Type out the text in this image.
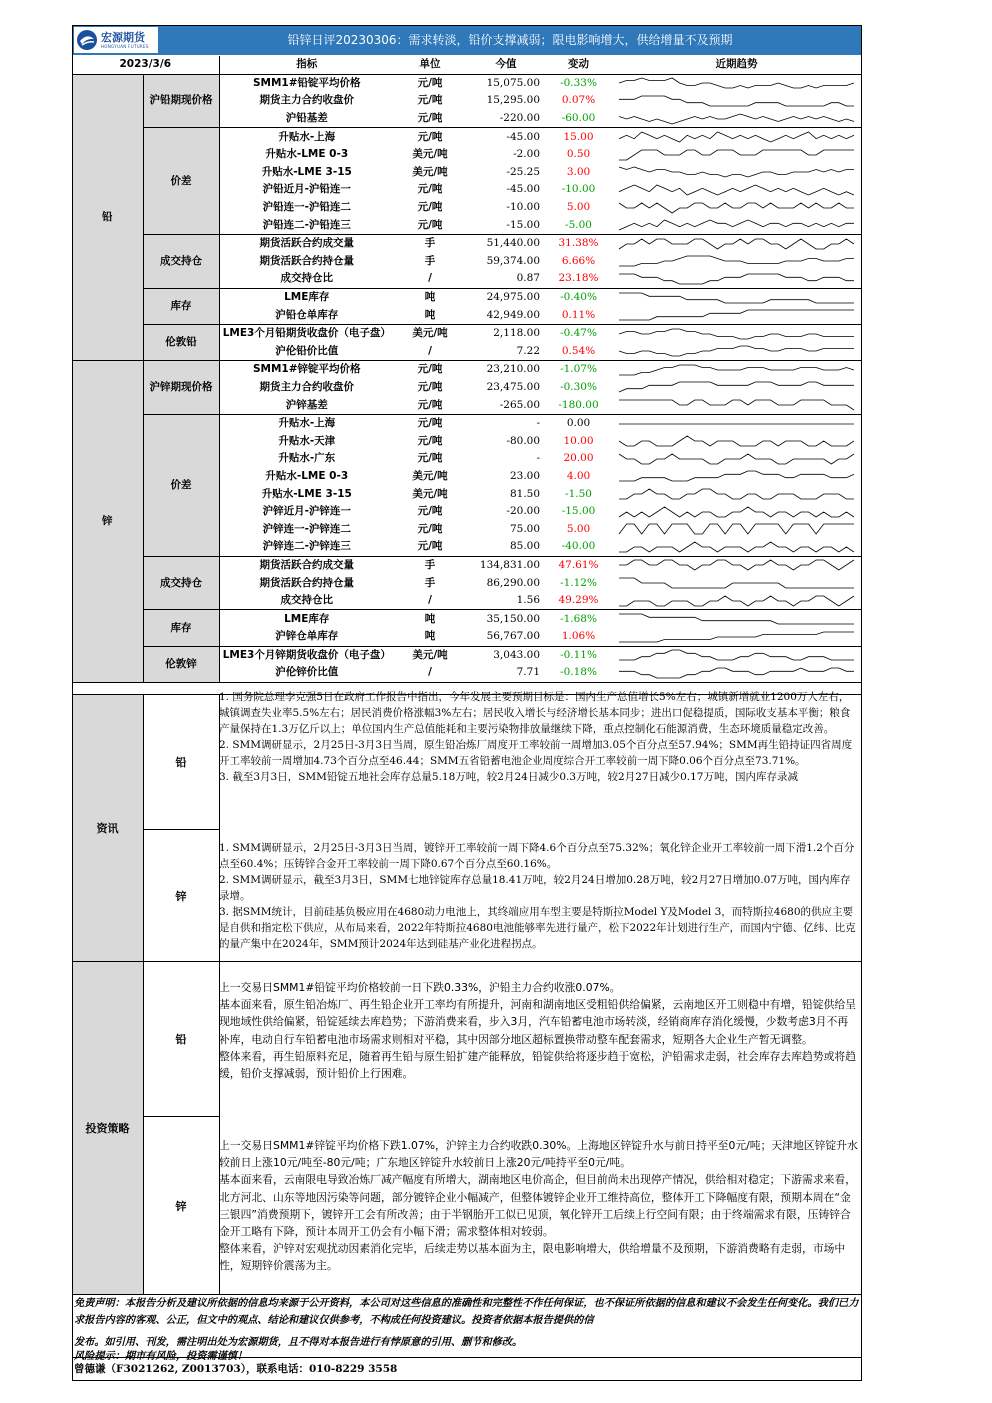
宏源期货
HONGYUAN FUTURES	铅锌日评20230306：需求转淡，铅价支撑减弱；限电影响增大，供给增量不及预期
2023/3/6		指标	单位	今值	变动	近期趋势
铅	沪铅期现价格	SMM1#铅锭平均价格	元/吨	15,075.00	-0.33%	

		期货主力合约收盘价	元/吨	15,295.00	0.07%	

		沪铅基差	元/吨	-220.00	-60.00	

	价差	升贴水-上海	元/吨	-45.00	15.00	

		升贴水-LME 0-3	美元/吨	-2.00	0.50	

		升贴水-LME 3-15	美元/吨	-25.25	3.00	

		沪铅近月-沪铅连一	元/吨	-45.00	-10.00	

		沪铅连一-沪铅连二	元/吨	-10.00	5.00	

		沪铅连二-沪铅连三	元/吨	-15.00	-5.00	

	成交持仓	期货活跃合约成交量	手	51,440.00	31.38%	

		期货活跃合约持仓量	手	59,374.00	6.66%	

		成交持仓比	/	0.87	23.18%	

	库存	LME库存	吨	24,975.00	-0.40%	

		沪铅仓单库存	吨	42,949.00	0.11%	

	伦敦铅	LME3个月铅期货收盘价（电子盘）	美元/吨	2,118.00	-0.47%	

		沪伦铅价比值	/	7.22	0.54%	

锌	沪锌期现价格	SMM1#锌锭平均价格	元/吨	23,210.00	-1.07%	

		期货主力合约收盘价	元/吨	23,475.00	-0.30%	

		沪锌基差	元/吨	-265.00	-180.00	

	价差	升贴水-上海	元/吨	-	0.00	

		升贴水-天津	元/吨	-80.00	10.00	

		升贴水-广东	元/吨	-	20.00	

		升贴水-LME 0-3	美元/吨	23.00	4.00	

		升贴水-LME 3-15	美元/吨	81.50	-1.50	

		沪锌近月-沪锌连一	元/吨	-20.00	-15.00	

		沪锌连一-沪锌连二	元/吨	75.00	5.00	

		沪锌连二-沪锌连三	元/吨	85.00	-40.00	

	成交持仓	期货活跃合约成交量	手	134,831.00	47.61%	

		期货活跃合约持仓量	手	86,290.00	-1.12%	

		成交持仓比	/	1.56	49.29%	

	库存	LME库存	吨	35,150.00	-1.68%	

		沪锌仓单库存	吨	56,767.00	1.06%	

	伦敦锌	LME3个月锌期货收盘价（电子盘）	美元/吨	3,043.00	-0.11%	

		沪伦锌价比值	/	7.71	-0.18%	
资讯
铅

1. 国务院总理李克强5日在政府工作报告中指出，今年发展主要预期目标是：国内生产总值增长5%左右；城镇新增就业1200万人左右，城镇调查失业率5.5%左右；居民消费价格涨幅3%左右；居民收入增长与经济增长基本同步；进出口促稳提质，国际收支基本平衡；粮食产量保持在1.3万亿斤以上；单位国内生产总值能耗和主要污染物排放量继续下降，重点控制化石能源消费，生态环境质量稳定改善。

2. SMM调研显示，2月25日-3月3日当周，原生铅冶炼厂周度开工率较前一周增加3.05个百分点至57.94%；SMM再生铅持证四省周度开工率较前一周增加4.73个百分点至46.44；SMM五省铅蓄电池企业周度综合开工率较前一周下降0.06个百分点至73.71%。

3. 截至3月3日，SMM铅锭五地社会库存总量5.18万吨，较2月24日减少0.3万吨，较2月27日减少0.17万吨，国内库存录减

锌

1. SMM调研显示，2月25日-3月3日当周，镀锌开工率较前一周下降4.6个百分点至75.32%；氧化锌企业开工率较前一周下滑1.2个百分点至60.4%；压铸锌合金开工率较前一周下降0.67个百分点至60.16%。

2. SMM调研显示，截至3月3日，SMM七地锌锭库存总量18.41万吨，较2月24日增加0.28万吨，较2月27日增加0.07万吨，国内库存录增。

3. 据SMM统计，目前硅基负极应用在4680动力电池上，其终端应用车型主要是特斯拉Model Y及Model 3，而特斯拉4680的供应主要是自供和指定松下供应，从布局来看，2022年特斯拉4680电池能够率先进行量产，松下2022年计划进行生产，而国内宁德、亿纬、比克的量产集中在2024年，SMM预计2024年达到硅基产业化进程拐点。

投资策略
铅

上一交易日SMM1#铅锭平均价格较前一日下跌0.33%，沪铅主力合约收涨0.07%。

基本面来看，原生铅冶炼厂、再生铅企业开工率均有所提升，河南和湖南地区受粗铅供给偏紧，云南地区开工则稳中有增，铅锭供给呈现地域性供给偏紧，铅锭延续去库趋势；下游消费来看，步入3月，汽车铅蓄电池市场转淡，经销商库存消化缓慢，少数考虑3月不再补库，电动自行车铅蓄电池市场需求则相对平稳，其中因部分地区超标置换带动整车配套需求，短期各大企业生产暂无调整。

整体来看，再生铅原料充足，随着再生铅与原生铅扩建产能释放，铅锭供给将逐步趋于宽松，沪铅需求走弱，社会库存去库趋势或将趋缓，铅价支撑减弱，预计铅价上行困难。

锌

上一交易日SMM1#锌锭平均价格下跌1.07%，沪锌主力合约收跌0.30%。上海地区锌锭升水与前日持平至0元/吨；天津地区锌锭升水较前日上涨10元/吨至-80元/吨；广东地区锌锭升水较前日上涨20元/吨持平至0元/吨。

基本面来看，云南限电导致冶炼厂减产幅度有所增大，湖南地区电价高企，但目前尚未出现停产情况，供给相对稳定；下游需求来看，北方河北、山东等地因污染等问题，部分镀锌企业小幅减产，但整体镀锌企业开工维持高位，整体开工下降幅度有限，预期本周在“金三银四”消费预期下，镀锌开工会有所改善；由于半钢胎开工似已见顶，氧化锌开工后续上行空间有限；由于终端需求有限，压铸锌合金开工略有下降，预计本周开工仍会有小幅下滑；需求整体相对较弱。

整体来看，沪锌对宏观扰动因素消化完毕，后续走势以基本面为主，限电影响增大，供给增量不及预期，下游消费略有走弱，市场中性，短期锌价震荡为主。

免责声明：本报告分析及建议所依据的信息均来源于公开资料，本公司对这些信息的准确性和完整性不作任何保证，也不保证所依据的信息和建议不会发生任何变化。我们已力求报告内容的客观、公正，但文中的观点、结论和建议仅供参考，不构成任何投资建议。投资者依据本报告提供的信
发布。如引用、刊发，需注明出处为宏源期货，且不得对本报告进行有悖原意的引用、删节和修改。
风险提示：期市有风险，投资需谨慎！
曾德谦（F3021262, Z0013703），联系电话：010-8229 3558
